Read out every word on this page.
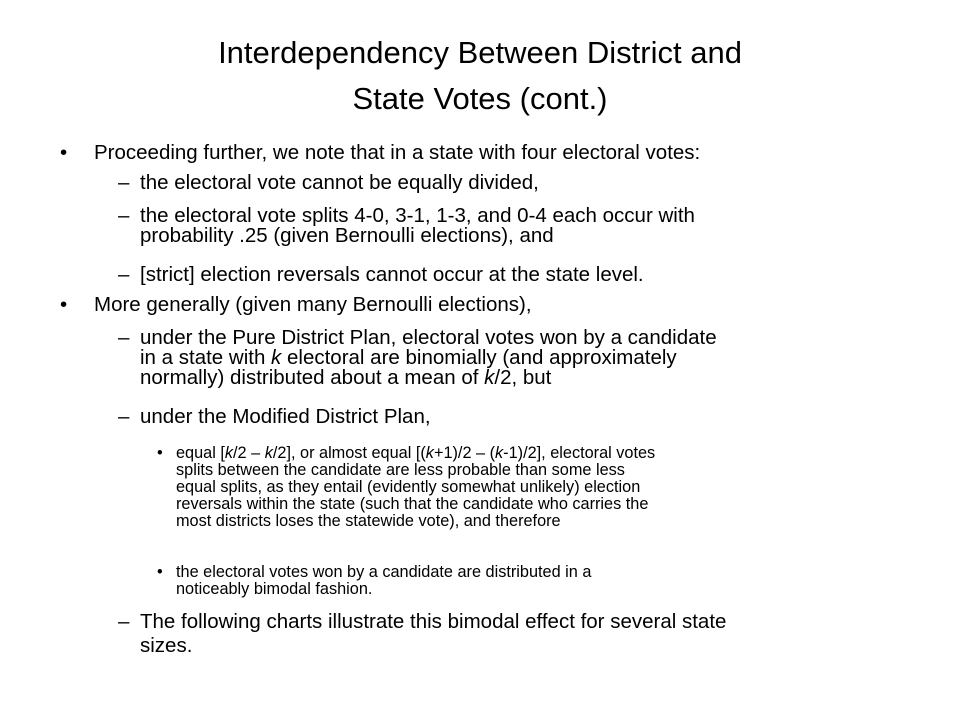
Interdependency Between District and
State Votes (cont.)
• Proceeding further, we note that in a state with four electoral votes:
– the electoral vote cannot be equally divided,
– the electoral vote splits 4-0, 3-1, 1-3, and 0-4 each occur with
probability .25 (given Bernoulli elections), and
– [strict] election reversals cannot occur at the state level.
• More generally (given many Bernoulli elections),
– under the Pure District Plan, electoral votes won by a candidate
in a state with k electoral are binomially (and approximately
normally) distributed about a mean of k/2, but
– under the Modified District Plan,
• equal [k/2 – k/2], or almost equal [(k+1)/2 – (k-1)/2], electoral votes
splits between the candidate are less probable than some less
equal splits, as they entail (evidently somewhat unlikely) election
reversals within the state (such that the candidate who carries the
most districts loses the statewide vote), and therefore
• the electoral votes won by a candidate are distributed in a
noticeably bimodal fashion.
– The following charts illustrate this bimodal effect for several state
sizes.
